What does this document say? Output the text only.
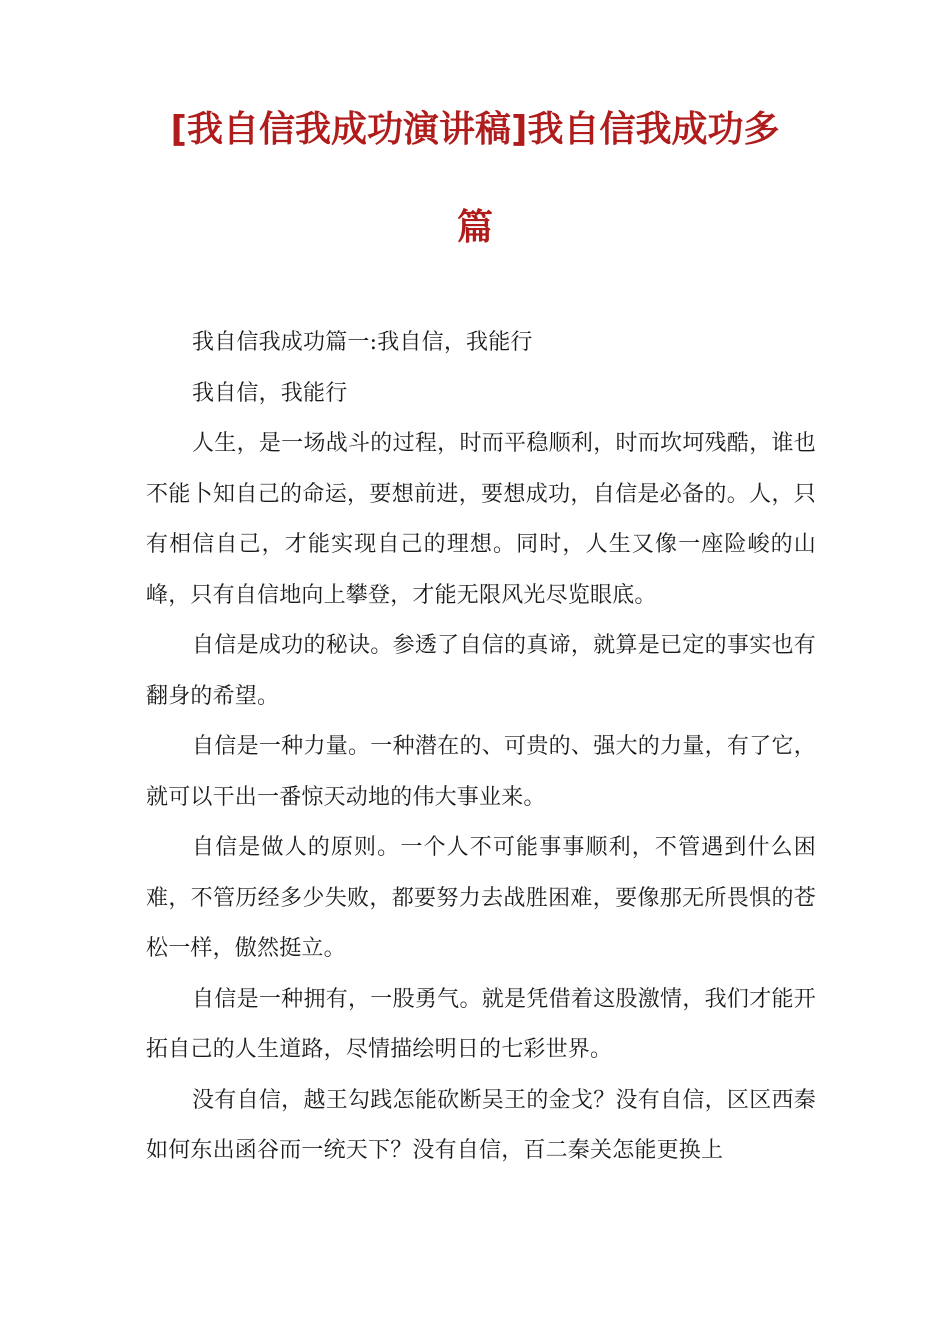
[我自信我成功演讲稿]我自信我成功多
篇

我自信我成功篇一:我自信，我能行

我自信，我能行

人生，是一场战斗的过程，时而平稳顺利，时而坎坷残酷，谁也不能卜知自己的命运，要想前进，要想成功，自信是必备的。人，只有相信自己，才能实现自己的理想。同时，人生又像一座险峻的山峰，只有自信地向上攀登，才能无限风光尽览眼底。

自信是成功的秘诀。参透了自信的真谛，就算是已定的事实也有翻身的希望。

自信是一种力量。一种潜在的、可贵的、强大的力量，有了它，就可以干出一番惊天动地的伟大事业来。

自信是做人的原则。一个人不可能事事顺利，不管遇到什么困难，不管历经多少失败，都要努力去战胜困难，要像那无所畏惧的苍松一样，傲然挺立。

自信是一种拥有，一股勇气。就是凭借着这股激情，我们才能开拓自己的人生道路，尽情描绘明日的七彩世界。

没有自信，越王勾践怎能砍断吴王的金戈？没有自信，区区西秦如何东出函谷而一统天下？没有自信，百二秦关怎能更换上
